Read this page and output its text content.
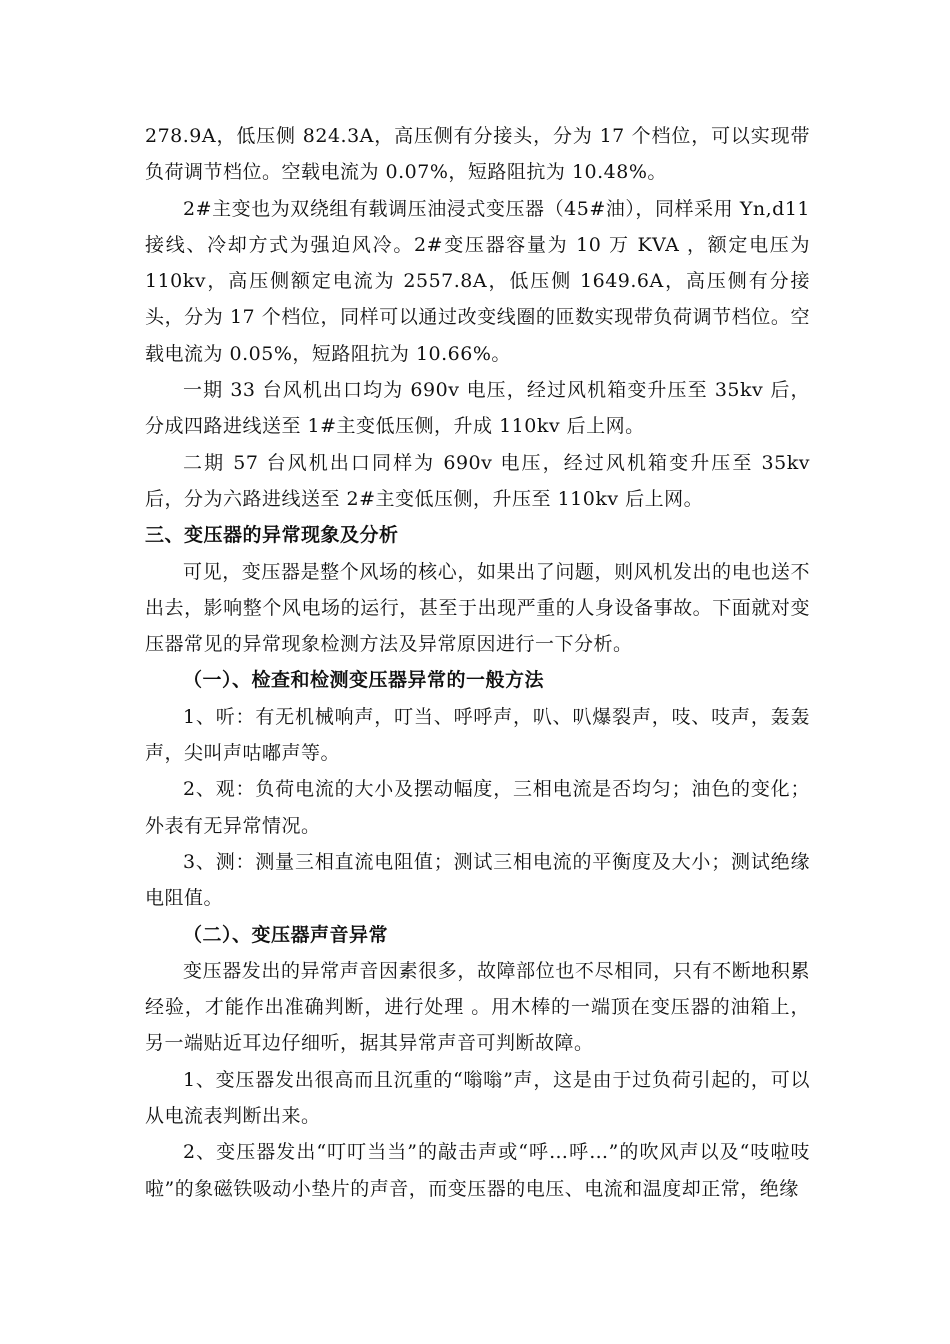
278.9A，低压侧 824.3A，高压侧有分接头，分为 17 个档位，可以实现带负荷调节档位。空载电流为 0.07%，短路阻抗为 10.48%。

2#主变也为双绕组有载调压油浸式变压器（45#油），同样采用 Yn,d11 接线、冷却方式为强迫风冷。2#变压器容量为 10 万 KVA ，额定电压为 110kv，高压侧额定电流为 2557.8A，低压侧 1649.6A，高压侧有分接头，分为 17 个档位，同样可以通过改变线圈的匝数实现带负荷调节档位。空载电流为 0.05%，短路阻抗为 10.66%。

一期 33 台风机出口均为 690v 电压，经过风机箱变升压至 35kv 后，分成四路进线送至 1#主变低压侧，升成 110kv 后上网。

二期 57 台风机出口同样为 690v 电压，经过风机箱变升压至 35kv 后，分为六路进线送至 2#主变低压侧，升压至 110kv 后上网。

三、变压器的异常现象及分析

可见，变压器是整个风场的核心，如果出了问题，则风机发出的电也送不出去，影响整个风电场的运行，甚至于出现严重的人身设备事故。下面就对变压器常见的异常现象检测方法及异常原因进行一下分析。

（一）、检查和检测变压器异常的一般方法

1、听：有无机械响声，叮当、呼呼声，叭、叭爆裂声，吱、吱声，轰轰声，尖叫声咕嘟声等。

2、观：负荷电流的大小及摆动幅度，三相电流是否均匀；油色的变化；外表有无异常情况。

3、测：测量三相直流电阻值；测试三相电流的平衡度及大小；测试绝缘电阻值。

（二）、变压器声音异常

变压器发出的异常声音因素很多，故障部位也不尽相同，只有不断地积累经验，才能作出准确判断，进行处理 。用木棒的一端顶在变压器的油箱上，另一端贴近耳边仔细听，据其异常声音可判断故障。

1、变压器发出很高而且沉重的“嗡嗡”声，这是由于过负荷引起的，可以从电流表判断出来。

2、变压器发出“叮叮当当”的敲击声或“呼…呼…”的吹风声以及“吱啦吱啦”的象磁铁吸动小垫片的声音，而变压器的电压、电流和温度却正常，绝缘
